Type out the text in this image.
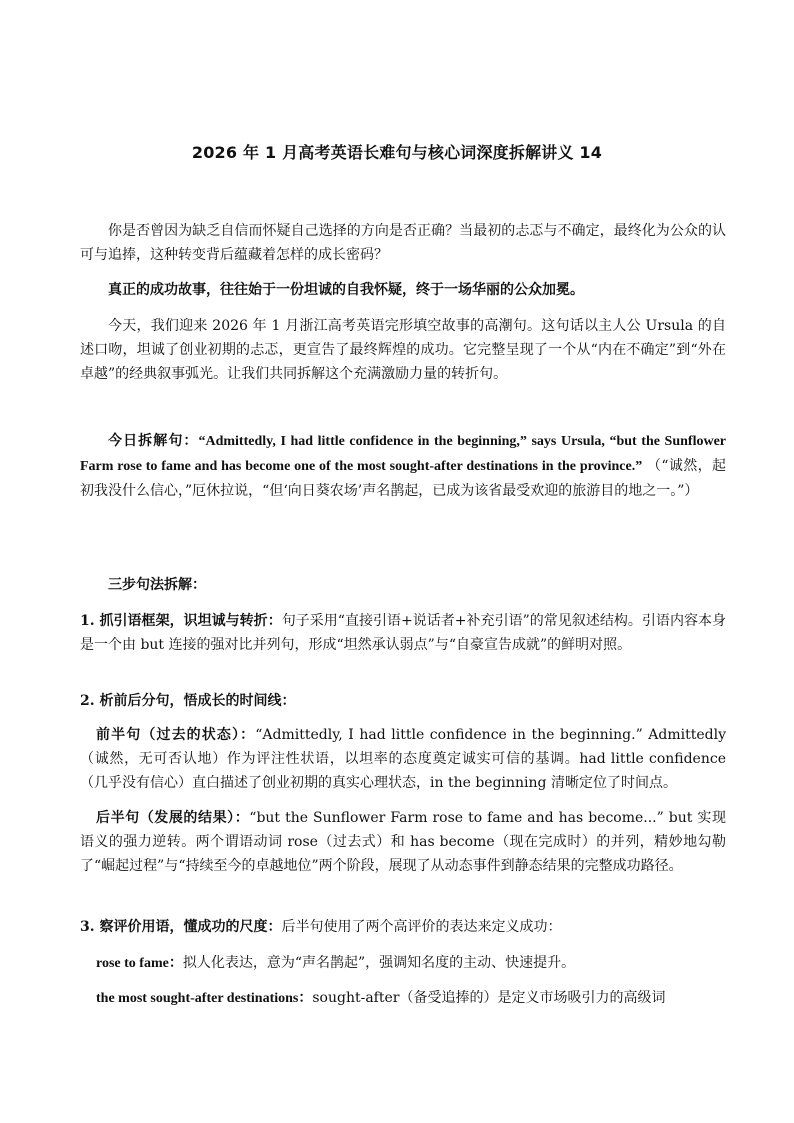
2026 年 1 月高考英语长难句与核心词深度拆解讲义 14
你是否曾因为缺乏自信而怀疑自己选择的方向是否正确？当最初的忐忑与不确定，最终化为公众的认可与追捧，这种转变背后蕴藏着怎样的成长密码？
真正的成功故事，往往始于一份坦诚的自我怀疑，终于一场华丽的公众加冕。
今天，我们迎来 2026 年 1 月浙江高考英语完形填空故事的高潮句。这句话以主人公 Ursula 的自述口吻，坦诚了创业初期的忐忑，更宣告了最终辉煌的成功。它完整呈现了一个从“内在不确定”到“外在卓越”的经典叙事弧光。让我们共同拆解这个充满激励力量的转折句。
今日拆解句：“Admittedly, I had little confidence in the beginning,” says Ursula, “but the Sunflower Farm rose to fame and has become one of the most sought-after destinations in the province.” （“诚然，起初我没什么信心，”厄休拉说，“但‘向日葵农场’声名鹊起，已成为该省最受欢迎的旅游目的地之一。”）
三步句法拆解：
1. 抓引语框架，识坦诚与转折：句子采用“直接引语+说话者+补充引语”的常见叙述结构。引语内容本身是一个由 but 连接的强对比并列句，形成“坦然承认弱点”与“自豪宣告成就”的鲜明对照。
2. 析前后分句，悟成长的时间线：
前半句（过去的状态）：“Admittedly, I had little confidence in the beginning.” Admittedly（诚然，无可否认地）作为评注性状语，以坦率的态度奠定诚实可信的基调。had little confidence（几乎没有信心）直白描述了创业初期的真实心理状态，in the beginning 清晰定位了时间点。
后半句（发展的结果）：“but the Sunflower Farm rose to fame and has become...” but 实现语义的强力逆转。两个谓语动词 rose（过去式）和 has become（现在完成时）的并列，精妙地勾勒了“崛起过程”与“持续至今的卓越地位”两个阶段，展现了从动态事件到静态结果的完整成功路径。
3. 察评价用语，懂成功的尺度：后半句使用了两个高评价的表达来定义成功：
rose to fame：拟人化表达，意为“声名鹊起”，强调知名度的主动、快速提升。
the most sought-after destinations：sought-after（备受追捧的）是定义市场吸引力的高级词
